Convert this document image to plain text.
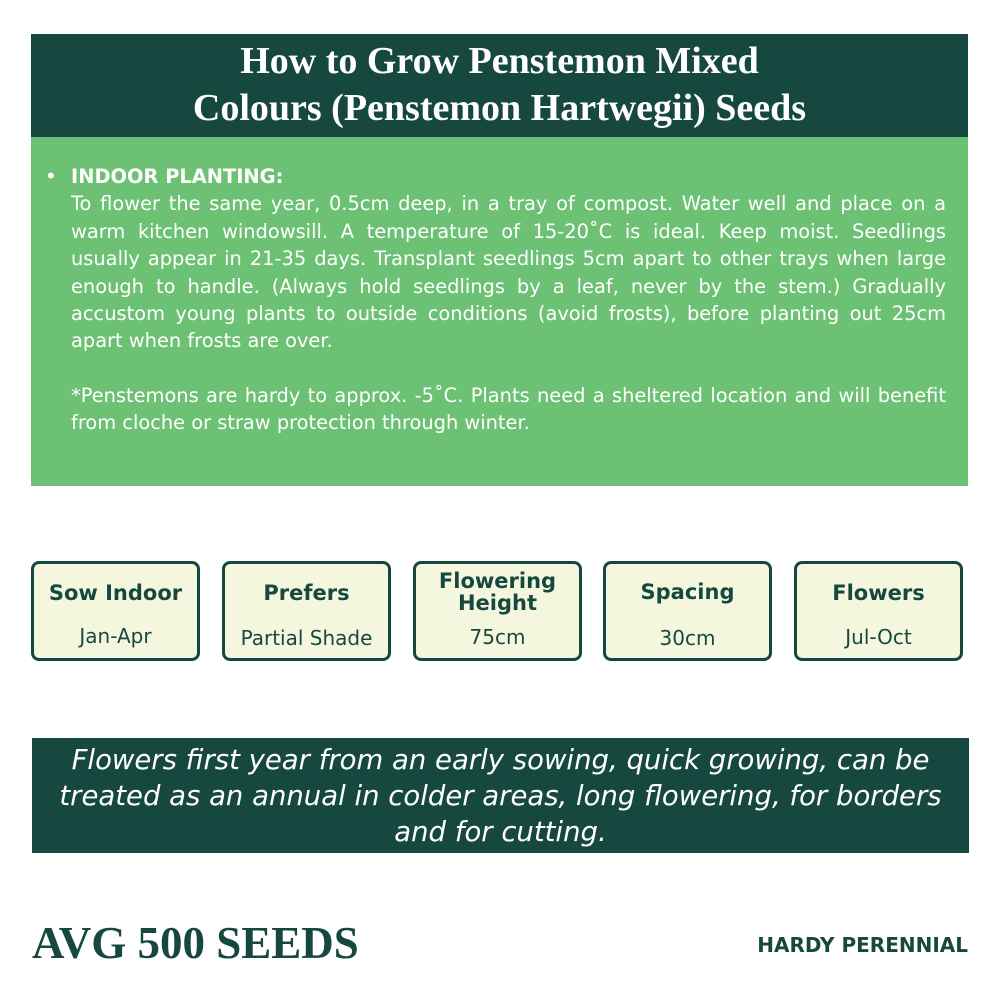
How to Grow Penstemon Mixed
Colours (Penstemon Hartwegii) Seeds
• INDOOR PLANTING:
To flower the same year, 0.5cm deep, in a tray of compost. Water well and place on a warm kitchen windowsill. A temperature of 15-20˚C is ideal. Keep moist. Seedlings usually appear in 21-35 days. Transplant seedlings 5cm apart to other trays when large enough to handle. (Always hold seedlings by a leaf, never by the stem.) Gradually accustom young plants to outside conditions (avoid frosts), before planting out 25cm apart when frosts are over.
*Penstemons are hardy to approx. -5˚C. Plants need a sheltered location and will benefit from cloche or straw protection through winter.
Sow Indoor
Jan-Apr
Prefers
Partial Shade
Flowering
Height
75cm
Spacing
30cm
Flowers
Jul-Oct
Flowers first year from an early sowing, quick growing, can be treated as an annual in colder areas, long flowering, for borders and for cutting.
AVG 500 SEEDS	HARDY PERENNIAL
